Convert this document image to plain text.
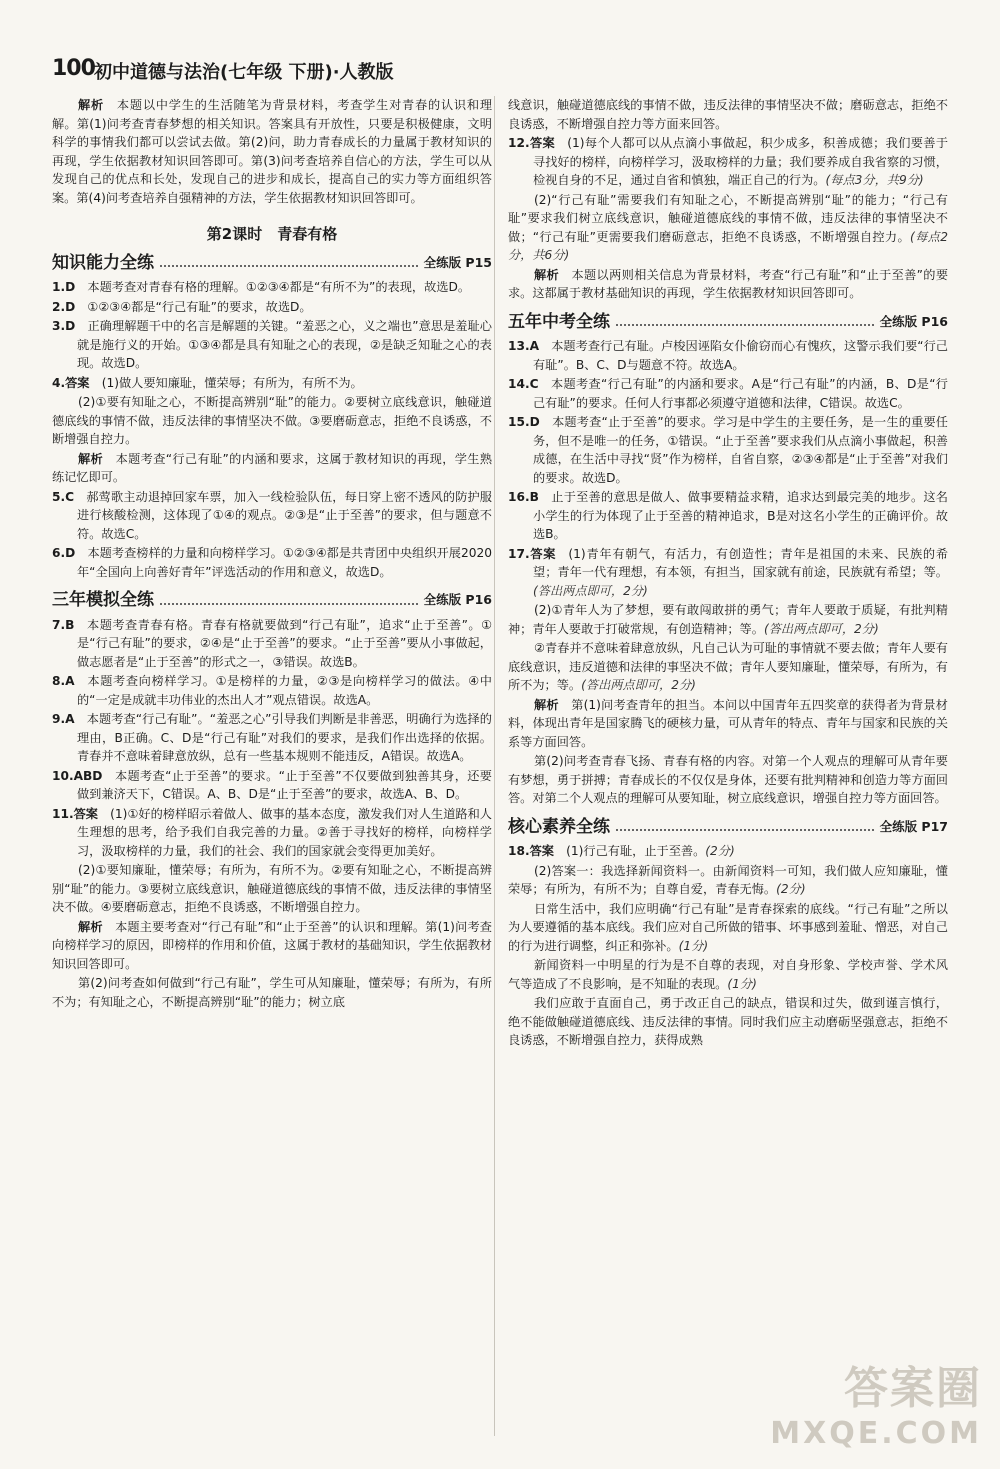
100 初中道德与法治(七年级 下册)·人教版

解析  本题以中学生的生活随笔为背景材料，考查学生对青春的认识和理解。第(1)问考查青春梦想的相关知识。答案具有开放性，只要是积极健康，文明科学的事情我们都可以尝试去做。第(2)问，助力青春成长的力量属于教材知识的再现，学生依据教材知识回答即可。第(3)问考查培养自信心的方法，学生可以从发现自己的优点和长处，发现自己的进步和成长，提高自己的实力等方面组织答案。第(4)问考查培养自强精神的方法，学生依据教材知识回答即可。

第2课时　青春有格
知识能力全练	全练版 P15

1.D  本题考查对青春有格的理解。①②③④都是“有所不为”的表现，故选D。

2.D  ①②③④都是“行己有耻”的要求，故选D。

3.D  正确理解题干中的名言是解题的关键。“羞恶之心，义之端也”意思是羞耻心就是施行义的开始。①③④都是具有知耻之心的表现，②是缺乏知耻之心的表现。故选D。

4.答案  (1)做人要知廉耻，懂荣辱；有所为，有所不为。

(2)①要有知耻之心，不断提高辨别“耻”的能力。②要树立底线意识，触碰道德底线的事情不做，违反法律的事情坚决不做。③要磨砺意志，拒绝不良诱惑，不断增强自控力。

解析  本题考查“行己有耻”的内涵和要求，这属于教材知识的再现，学生熟练记忆即可。

5.C  郝莺歌主动退掉回家车票，加入一线检验队伍，每日穿上密不透风的防护服进行核酸检测，这体现了①④的观点。②③是“止于至善”的要求，但与题意不符。故选C。

6.D  本题考查榜样的力量和向榜样学习。①②③④都是共青团中央组织开展2020年“全国向上向善好青年”评选活动的作用和意义，故选D。

三年模拟全练	全练版 P16

7.B  本题考查青春有格。青春有格就要做到“行己有耻”，追求“止于至善”。①是“行己有耻”的要求，②④是“止于至善”的要求。“止于至善”要从小事做起，做志愿者是“止于至善”的形式之一，③错误。故选B。

8.A  本题考查向榜样学习。①是榜样的力量，②③是向榜样学习的做法。④中的“一定是成就丰功伟业的杰出人才”观点错误。故选A。

9.A  本题考查“行己有耻”。“羞恶之心”引导我们判断是非善恶，明确行为选择的理由，B正确。C、D是“行己有耻”对我们的要求，是我们作出选择的依据。青春并不意味着肆意放纵，总有一些基本规则不能违反，A错误。故选A。

10.ABD  本题考查“止于至善”的要求。“止于至善”不仅要做到独善其身，还要做到兼济天下，C错误。A、B、D是“止于至善”的要求，故选A、B、D。

11.答案  (1)①好的榜样昭示着做人、做事的基本态度，激发我们对人生道路和人生理想的思考，给予我们自我完善的力量。②善于寻找好的榜样，向榜样学习，汲取榜样的力量，我们的社会、我们的国家就会变得更加美好。

(2)①要知廉耻，懂荣辱；有所为，有所不为。②要有知耻之心，不断提高辨别“耻”的能力。③要树立底线意识，触碰道德底线的事情不做，违反法律的事情坚决不做。④要磨砺意志，拒绝不良诱惑，不断增强自控力。

解析  本题主要考查对“行己有耻”和“止于至善”的认识和理解。第(1)问考查向榜样学习的原因，即榜样的作用和价值，这属于教材的基础知识，学生依据教材知识回答即可。

第(2)问考查如何做到“行己有耻”，学生可从知廉耻，懂荣辱；有所为，有所不为；有知耻之心，不断提高辨别“耻”的能力；树立底

线意识，触碰道德底线的事情不做，违反法律的事情坚决不做；磨砺意志，拒绝不良诱惑，不断增强自控力等方面来回答。

12.答案  (1)每个人都可以从点滴小事做起，积少成多，积善成德；我们要善于寻找好的榜样，向榜样学习，汲取榜样的力量；我们要养成自我省察的习惯，检视自身的不足，通过自省和慎独，端正自己的行为。(每点3分，共9分)

(2)“行己有耻”需要我们有知耻之心，不断提高辨别“耻”的能力；“行己有耻”要求我们树立底线意识，触碰道德底线的事情不做，违反法律的事情坚决不做；“行己有耻”更需要我们磨砺意志，拒绝不良诱惑，不断增强自控力。(每点2分，共6分)

解析  本题以两则相关信息为背景材料，考查“行己有耻”和“止于至善”的要求。这都属于教材基础知识的再现，学生依据教材知识回答即可。

五年中考全练	全练版 P16

13.A  本题考查行己有耻。卢梭因诬陷女仆偷窃而心有愧疚，这警示我们要“行己有耻”。B、C、D与题意不符。故选A。

14.C  本题考查“行己有耻”的内涵和要求。A是“行己有耻”的内涵，B、D是“行己有耻”的要求。任何人行事都必须遵守道德和法律，C错误。故选C。

15.D  本题考查“止于至善”的要求。学习是中学生的主要任务，是一生的重要任务，但不是唯一的任务，①错误。“止于至善”要求我们从点滴小事做起，积善成德，在生活中寻找“贤”作为榜样，自省自察，②③④都是“止于至善”对我们的要求。故选D。

16.B  止于至善的意思是做人、做事要精益求精，追求达到最完美的地步。这名小学生的行为体现了止于至善的精神追求，B是对这名小学生的正确评价。故选B。

17.答案  (1)青年有朝气，有活力，有创造性；青年是祖国的未来、民族的希望；青年一代有理想，有本领，有担当，国家就有前途，民族就有希望；等。(答出两点即可，2分)

(2)①青年人为了梦想，要有敢闯敢拼的勇气；青年人要敢于质疑，有批判精神；青年人要敢于打破常规，有创造精神；等。(答出两点即可，2分)

②青春并不意味着肆意放纵，凡自己认为可耻的事情就不要去做；青年人要有底线意识，违反道德和法律的事坚决不做；青年人要知廉耻，懂荣辱，有所为，有所不为；等。(答出两点即可，2分)

解析  第(1)问考查青年的担当。本问以中国青年五四奖章的获得者为背景材料，体现出青年是国家腾飞的硬核力量，可从青年的特点、青年与国家和民族的关系等方面回答。

第(2)问考查青春飞扬、青春有格的内容。对第一个人观点的理解可从青年要有梦想，勇于拼搏；青春成长的不仅仅是身体，还要有批判精神和创造力等方面回答。对第二个人观点的理解可从要知耻，树立底线意识，增强自控力等方面回答。

核心素养全练	全练版 P17

18.答案  (1)行己有耻，止于至善。(2分)

(2)答案一：我选择新闻资料一。由新闻资料一可知，我们做人应知廉耻，懂荣辱；有所为，有所不为；自尊自爱，青春无悔。(2分)

日常生活中，我们应明确“行己有耻”是青春探索的底线。“行己有耻”之所以为人要遵循的基本底线。我们应对自己所做的错事、坏事感到羞耻、憎恶，对自己的行为进行调整，纠正和弥补。(1分)

新闻资料一中明星的行为是不自尊的表现，对自身形象、学校声誉、学术风气等造成了不良影响，是不知耻的表现。(1分)

我们应敢于直面自己，勇于改正自己的缺点，错误和过失，做到谨言慎行，绝不能做触碰道德底线、违反法律的事情。同时我们应主动磨砺坚强意志，拒绝不良诱惑，不断增强自控力，获得成熟

答案圈
MXQE.COM
